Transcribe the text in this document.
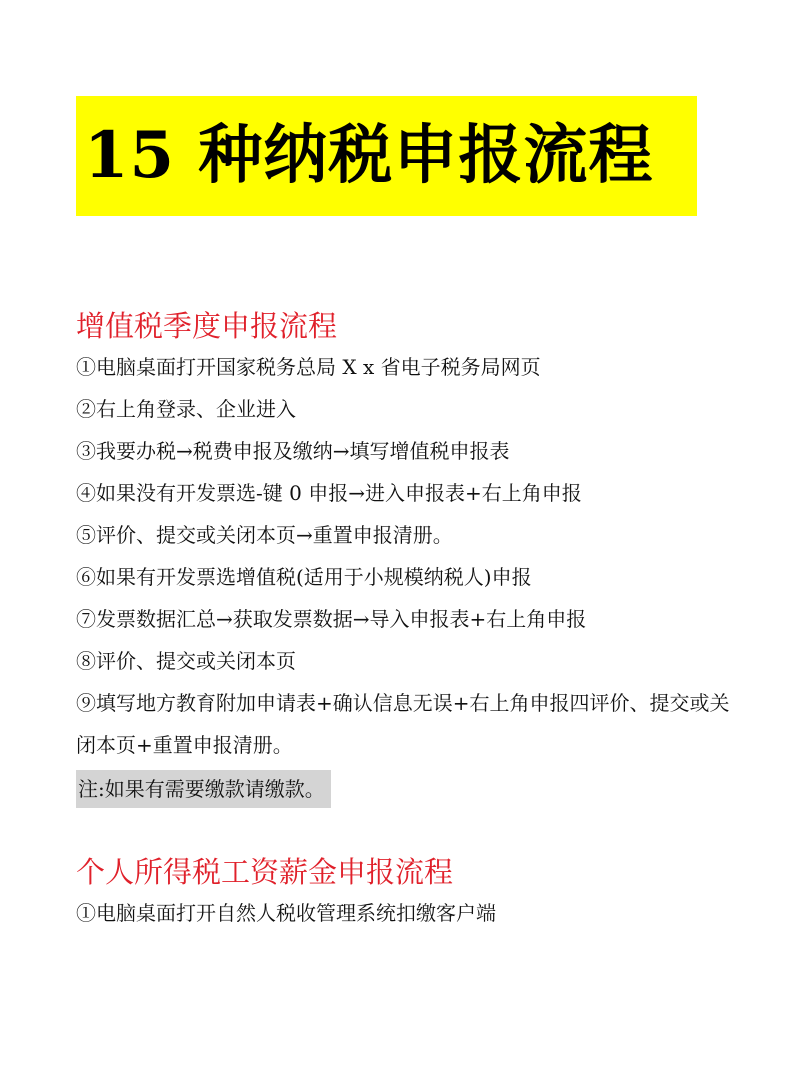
15 种纳税申报流程

增值税季度申报流程

①电脑桌面打开国家税务总局 X x 省电子税务局网页

②右上角登录、企业进入

③我要办税→税费申报及缴纳→填写增值税申报表

④如果没有开发票选-键 0 申报→进入申报表+右上角申报

⑤评价、提交或关闭本页→重置申报清册。

⑥如果有开发票选增值税(适用于小规模纳税人)申报

⑦发票数据汇总→获取发票数据→导入申报表+右上角申报

⑧评价、提交或关闭本页

⑨填写地方教育附加申请表+确认信息无误+右上角申报四评价、提交或关闭本页+重置申报清册。

注:如果有需要缴款请缴款。

个人所得税工资薪金申报流程

①电脑桌面打开自然人税收管理系统扣缴客户端
